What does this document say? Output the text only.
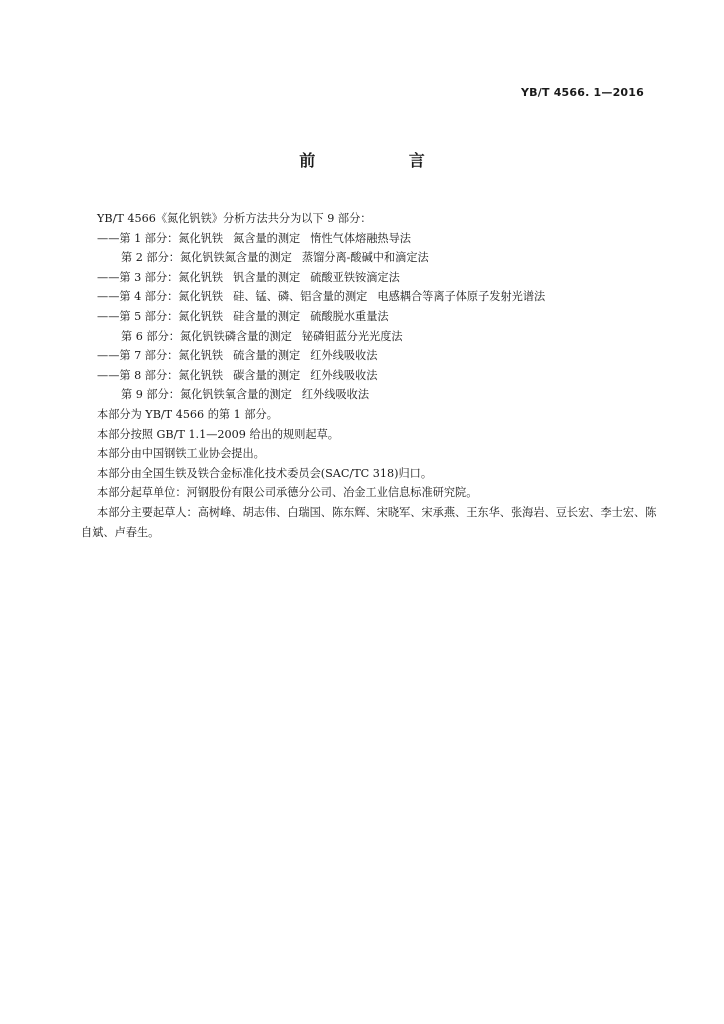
YB/T 4566. 1—2016
前 言
YB/T 4566《氮化钒铁》分析方法共分为以下 9 部分：
——第 1 部分：氮化钒铁 氮含量的测定 惰性气体熔融热导法
第 2 部分：氮化钒铁氮含量的测定 蒸馏分离-酸碱中和滴定法
——第 3 部分：氮化钒铁 钒含量的测定 硫酸亚铁铵滴定法
——第 4 部分：氮化钒铁 硅、锰、磷、铝含量的测定 电感耦合等离子体原子发射光谱法
——第 5 部分：氮化钒铁 硅含量的测定 硫酸脱水重量法
第 6 部分：氮化钒铁磷含量的测定 铋磷钼蓝分光光度法
——第 7 部分：氮化钒铁 硫含量的测定 红外线吸收法
——第 8 部分：氮化钒铁 碳含量的测定 红外线吸收法
第 9 部分：氮化钒铁氧含量的测定 红外线吸收法
本部分为 YB/T 4566 的第 1 部分。
本部分按照 GB/T 1.1—2009 给出的规则起草。
本部分由中国钢铁工业协会提出。
本部分由全国生铁及铁合金标准化技术委员会(SAC/TC 318)归口。
本部分起草单位：河钢股份有限公司承德分公司、冶金工业信息标准研究院。
本部分主要起草人：高树峰、胡志伟、白瑞国、陈东辉、宋晓军、宋承燕、王东华、张海岩、豆长宏、李士宏、陈自斌、卢春生。
